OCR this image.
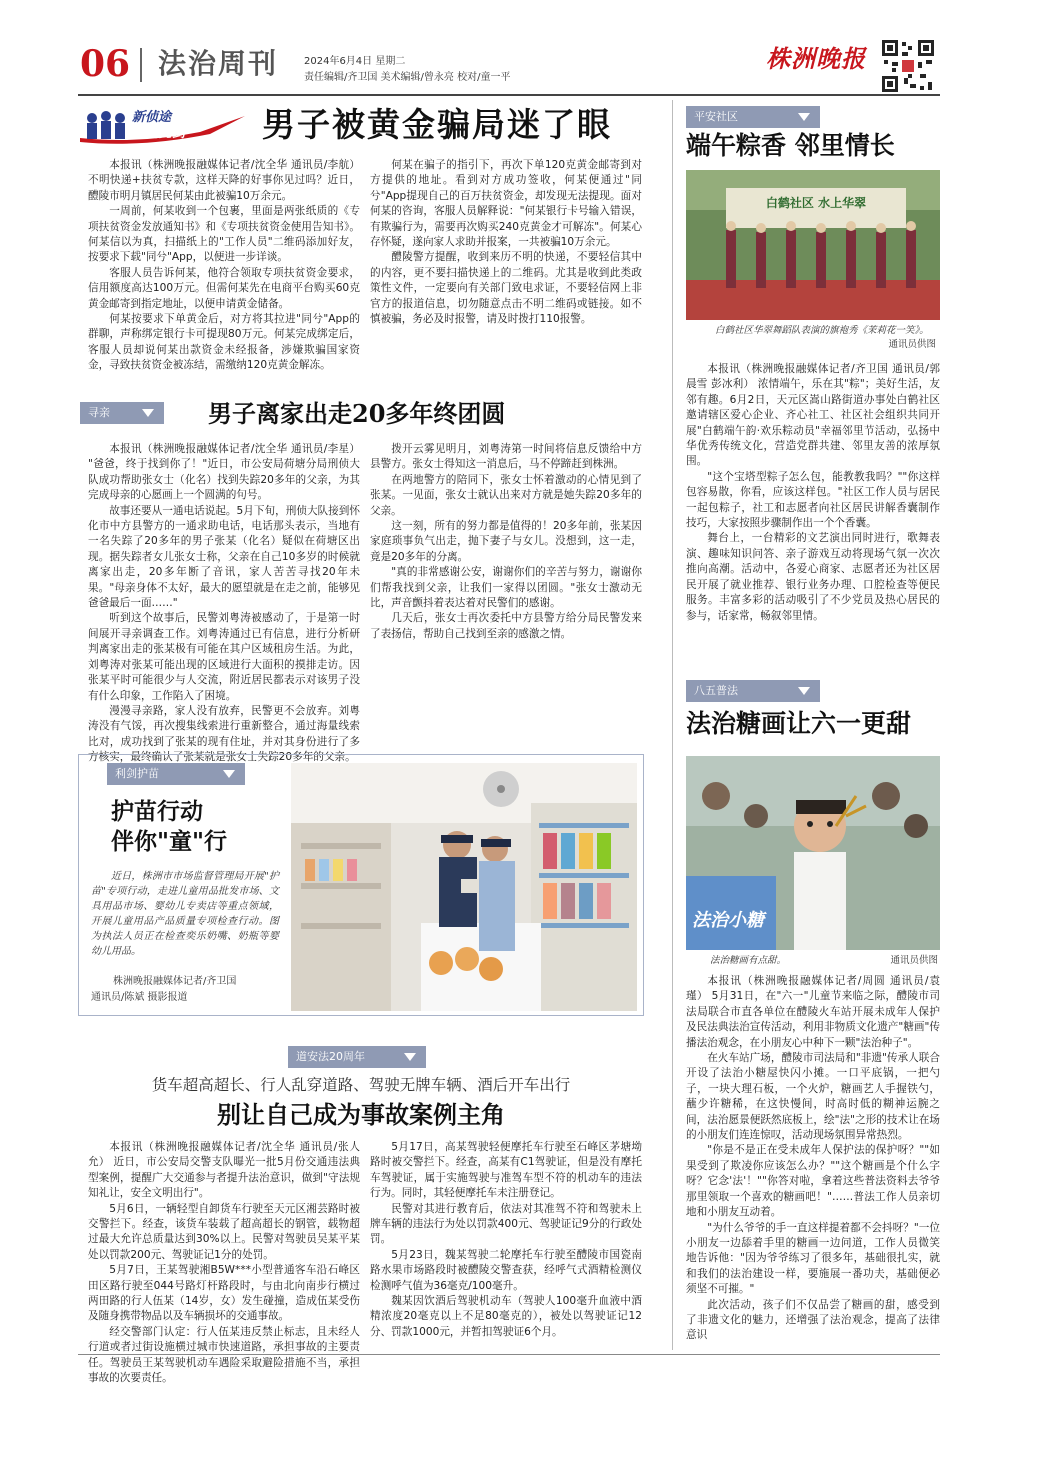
06 法治周刊	2024年6月4日 星期二
责任编辑/齐卫国 美术编辑/曾永亮 校对/童一平
株洲晚报
新侦途
新亮剑 男子被黄金骗局迷了眼

本报讯（株洲晚报融媒体记者/沈全华 通讯员/李航） 不明快递+扶贫专款，这样天降的好事你见过吗？近日，醴陵市明月镇居民何某由此被骗10万余元。

一周前，何某收到一个包裹，里面是两张纸质的《专项扶贫资金发放通知书》和《专项扶贫资金使用告知书》。何某信以为真，扫描纸上的"工作人员"二维码添加好友，按要求下载"同兮"App，以便进一步详谈。

客服人员告诉何某，他符合领取专项扶贫资金要求，信用额度高达100万元。但需何某先在电商平台购买60克黄金邮寄到指定地址，以便申请黄金储备。

何某按要求下单黄金后，对方将其拉进"同兮"App的群聊，声称绑定银行卡可提现80万元。何某完成绑定后，客服人员却说何某出款资金未经报备，涉嫌欺骗国家资金，寻致扶贫资金被冻结，需缴纳120克黄金解冻。

何某在骗子的指引下，再次下单120克黄金邮寄到对方提供的地址。看到对方成功签收，何某便通过"同兮"App提现自己的百万扶贫资金，却发现无法提现。面对何某的咨询，客服人员解释说："何某银行卡号输入错误，有欺骗行为，需要再次购买240克黄金才可解冻"。何某心存怀疑，遂向家人求助并报案，一共被骗10万余元。

醴陵警方提醒，收到来历不明的快递，不要轻信其中的内容，更不要扫描快递上的二维码。尤其是收到此类政策性文件，一定要向有关部门致电求证，不要轻信网上非官方的报道信息，切勿随意点击不明二维码或链接。如不慎被骗，务必及时报警，请及时拨打110报警。

寻亲	男子离家出走20多年终团圆

本报讯（株洲晚报融媒体记者/沈全华 通讯员/李星） "爸爸，终于找到你了！"近日，市公安局荷塘分局刑侦大队成功帮助张女士（化名）找到失踪20多年的父亲，为其完成母亲的心愿画上一个圆满的句号。

故事还要从一通电话说起。5月下旬，刑侦大队接到怀化市中方县警方的一通求助电话，电话那头表示，当地有一名失踪了20多年的男子张某（化名）疑似在荷塘区出现。据失踪者女儿张女士称，父亲在自己10多岁的时候就离家出走，20多年断了音讯，家人苦苦寻找20年未果。"母亲身体不太好，最大的愿望就是在走之前，能够见爸爸最后一面……"

听到这个故事后，民警刘粤涛被感动了，于是第一时间展开寻亲调查工作。刘粤涛通过已有信息，进行分析研判离家出走的张某极有可能在其户区域租房生活。为此，刘粤涛对张某可能出现的区域进行大面积的摸排走访。因张某平时可能很少与人交流，附近居民都表示对该男子没有什么印象，工作陷入了困境。

漫漫寻亲路，家人没有放弃，民警更不会放弃。刘粤涛没有气馁，再次搜集线索进行重新整合，通过海量线索比对，成功找到了张某的现有住址，并对其身份进行了多方核实，最终确认了张某就是张女士失踪20多年的父亲。

拨开云雾见明月，刘粤涛第一时间将信息反馈给中方县警方。张女士得知这一消息后，马不停蹄赶到株洲。

在两地警方的陪同下，张女士怀着激动的心情见到了张某。一见面，张女士就认出来对方就是她失踪20多年的父亲。

这一刻，所有的努力都是值得的！20多年前，张某因家庭琐事负气出走，抛下妻子与女儿。没想到，这一走，竟是20多年的分离。

"真的非常感谢公安，谢谢你们的辛苦与努力，谢谢你们帮我找到父亲，让我们一家得以团圆。"张女士激动无比，声音颤抖着表达着对民警们的感谢。

几天后，张女士再次委托中方县警方给分局民警发来了表扬信，帮助自己找到至亲的感激之情。

利剑护苗
护苗行动
伴你"童"行
近日，株洲市市场监督管理局开展"护苗"专项行动，走进儿童用品批发市场、文具用品市场、婴幼儿专卖店等重点领域，开展儿童用品产品质量专项检查行动。图为执法人员正在检查奕乐奶嘴、奶瓶等婴幼儿用品。
株洲晚报融媒体记者/齐卫国
通讯员/陈斌 摄影报道
道安法20周年
货车超高超长、行人乱穿道路、驾驶无牌车辆、酒后开车出行
别让自己成为事故案例主角

本报讯（株洲晚报融媒体记者/沈全华 通讯员/张人允） 近日，市公安局交警支队曝光一批5月份交通违法典型案例，提醒广大交通参与者提升法治意识，做到"守法规知礼让，安全文明出行"。

5月6日，一辆轻型自卸货车行驶至天元区湘芸路时被交警拦下。经查，该货车装载了超高超长的钢管，载物超过最大允许总质量达到30%以上。民警对驾驶员吴某平某处以罚款200元、驾驶证记1分的处罚。

5月7日，王某驾驶湘B5W***小型普通客车沿石峰区田区路行驶至044号路灯杆路段时，与由北向南步行横过两田路的行人伍某（14岁，女）发生碰撞，造成伍某受伤及随身携带物品以及车辆损坏的交通事故。

经交警部门认定：行人伍某违反禁止标志，且未经人行道或者过街设施横过城市快速道路，承担事故的主要责任。驾驶员王某驾驶机动车遇险采取避险措施不当，承担事故的次要责任。

5月17日，高某驾驶轻便摩托车行驶至石峰区茅塘坳路时被交警拦下。经查，高某有C1驾驶证，但是没有摩托车驾驶证，属于实施驾驶与准驾车型不符的机动车的违法行为。同时，其轻便摩托车未注册登记。

民警对其进行教育后，依法对其准驾不符和驾驶未上牌车辆的违法行为处以罚款400元、驾驶证记9分的行政处罚。

5月23日，魏某驾驶二轮摩托车行驶至醴陵市国瓷南路水果市场路段时被醴陵交警查获，经呼气式酒精检测仪检测呼气值为36毫克/100毫升。

魏某因饮酒后驾驶机动车（驾驶人100毫升血液中酒精浓度20毫克以上不足80毫克的），被处以驾驶证记12分、罚款1000元，并暂扣驾驶证6个月。

平安社区
端午粽香 邻里情长
白鹤社区 水上华翠
白鹤社区华翠舞蹈队表演的旗袍秀《茉莉花一笑》。
通讯员供图

本报讯（株洲晚报融媒体记者/齐卫国 通讯员/郭晨雪 彭冰利） 浓情端午，乐在其"粽"；美好生活，友邻有趣。6月2日，天元区嵩山路街道办事处白鹤社区邀请辖区爱心企业、齐心社工、社区社会组织共同开展"白鹤端午韵·欢乐粽动员"幸福邻里节活动，弘扬中华优秀传统文化，营造党群共建、邻里友善的浓厚氛围。

"这个宝塔型粽子怎么包，能教教我吗？""你这样包容易散，你看，应该这样包。"社区工作人员与居民一起包粽子，社工和志愿者向社区居民讲解香囊制作技巧，大家按照步骤制作出一个个香囊。

舞台上，一台精彩的文艺演出同时进行，歌舞表演、趣味知识问答、亲子游戏互动将现场气氛一次次推向高潮。活动中，各爱心商家、志愿者还为社区居民开展了就业推荐、银行业务办理、口腔检查等便民服务。丰富多彩的活动吸引了不少党员及热心居民的参与，话家常，畅叙邻里情。

八五普法
法治糖画让六一更甜
法治小糖
法治糖画有点甜。	通讯员供图

本报讯（株洲晚报融媒体记者/周圆 通讯员/袁瑾） 5月31日，在"六一"儿童节来临之际，醴陵市司法局联合市直各单位在醴陵火车站开展未成年人保护及民法典法治宣传活动，利用非物质文化遗产"糖画"传播法治观念，在小朋友心中种下一颗"法治种子"。

在火车站广场，醴陵市司法局和"非遗"传承人联合开设了法治小糖屋快闪小摊。一口平底锅，一把勺子，一块大理石板，一个火炉，糖画艺人手握铁勺，蘸少许糖稀，在这快慢间，时高时低的糊神运腕之间，法治愿景便跃然底板上，绘"法"之形的技术让在场的小朋友们连连惊叹，活动现场氛围异常热烈。

"你是不是正在受未成年人保护法的保护呀？""如果受到了欺凌你应该怎么办？""这个糖画是个什么字呀？它念'法'！""你答对啦，拿着这些普法资料去爷爷那里领取一个喜欢的糖画吧！"……普法工作人员亲切地和小朋友互动着。

"为什么爷爷的手一直这样提着都不会抖呀？"一位小朋友一边舔着手里的糖画一边问道，工作人员微笑地告诉他："因为爷爷练习了很多年，基础很扎实，就和我们的法治建设一样，要施展一番功夫，基础便必须坚不可摧。"

此次活动，孩子们不仅品尝了糖画的甜，感受到了非遗文化的魅力，还增强了法治观念，提高了法律意识
